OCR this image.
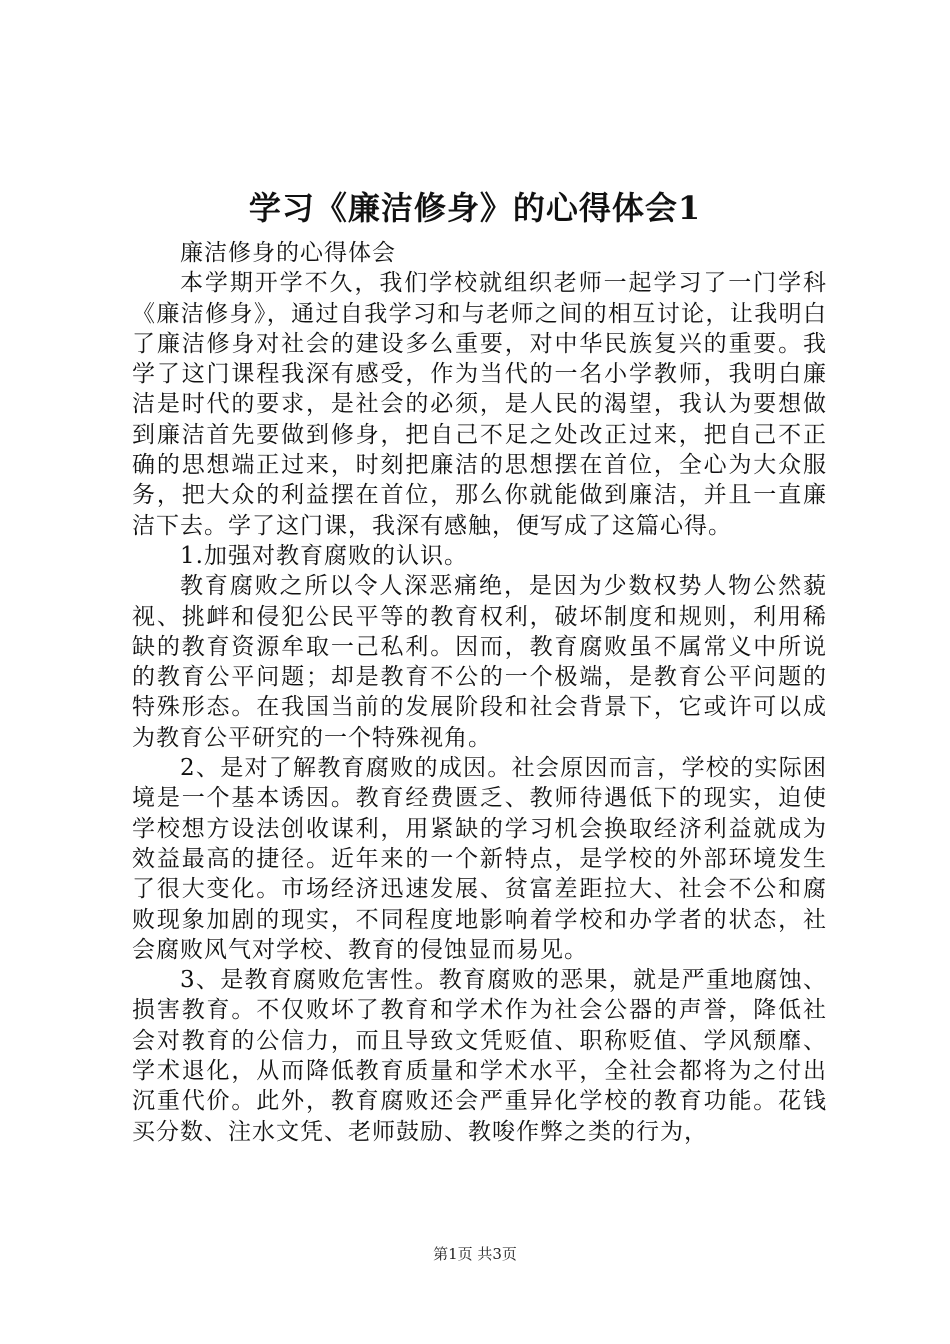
学习《廉洁修身》的心得体会1

廉洁修身的心得体会

本学期开学不久，我们学校就组织老师一起学习了一门学科《廉洁修身》，通过自我学习和与老师之间的相互讨论，让我明白了廉洁修身对社会的建设多么重要，对中华民族复兴的重要。我学了这门课程我深有感受，作为当代的一名小学教师，我明白廉洁是时代的要求，是社会的必须，是人民的渴望，我认为要想做到廉洁首先要做到修身，把自己不足之处改正过来，把自己不正确的思想端正过来，时刻把廉洁的思想摆在首位，全心为大众服务，把大众的利益摆在首位，那么你就能做到廉洁，并且一直廉洁下去。学了这门课，我深有感触，便写成了这篇心得。

1.加强对教育腐败的认识。

教育腐败之所以令人深恶痛绝，是因为少数权势人物公然藐视、挑衅和侵犯公民平等的教育权利，破坏制度和规则，利用稀缺的教育资源牟取一己私利。因而，教育腐败虽不属常义中所说的教育公平问题；却是教育不公的一个极端，是教育公平问题的特殊形态。在我国当前的发展阶段和社会背景下，它或许可以成为教育公平研究的一个特殊视角。

2、是对了解教育腐败的成因。社会原因而言，学校的实际困境是一个基本诱因。教育经费匮乏、教师待遇低下的现实，迫使学校想方设法创收谋利，用紧缺的学习机会换取经济利益就成为效益最高的捷径。近年来的一个新特点，是学校的外部环境发生了很大变化。市场经济迅速发展、贫富差距拉大、社会不公和腐败现象加剧的现实，不同程度地影响着学校和办学者的状态，社会腐败风气对学校、教育的侵蚀显而易见。

3、是教育腐败危害性。教育腐败的恶果，就是严重地腐蚀、损害教育。不仅败坏了教育和学术作为社会公器的声誉，降低社会对教育的公信力，而且导致文凭贬值、职称贬值、学风颓靡、学术退化，从而降低教育质量和学术水平，全社会都将为之付出沉重代价。此外，教育腐败还会严重异化学校的教育功能。花钱买分数、注水文凭、老师鼓励、教唆作弊之类的行为，

第1页 共3页
